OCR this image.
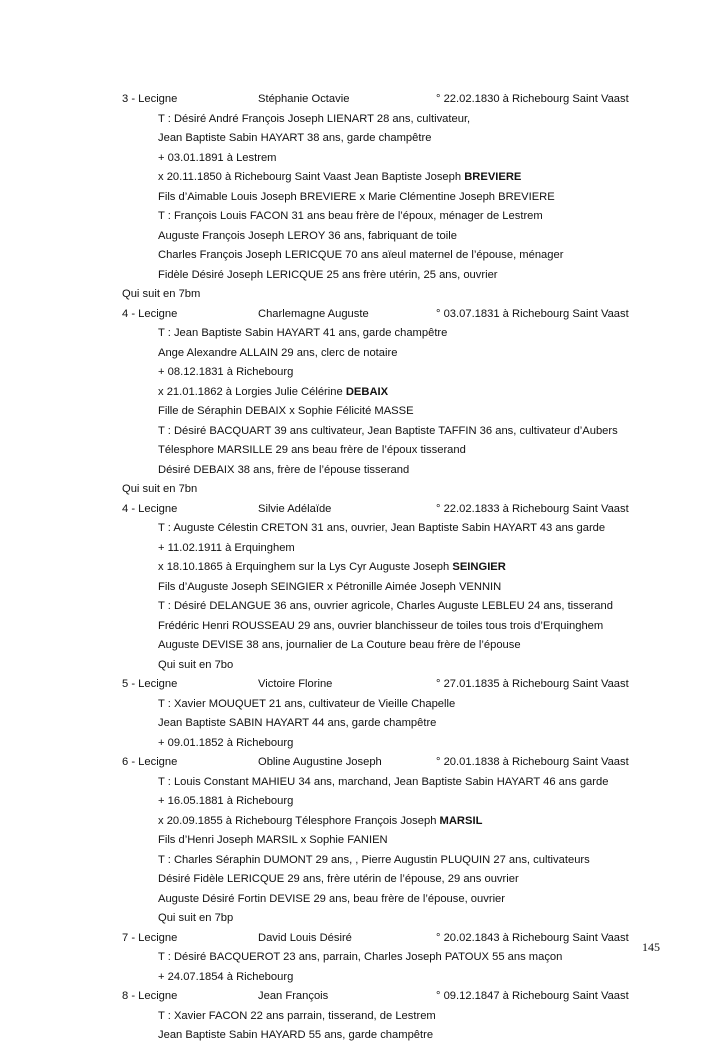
3 - Lecigne	Stéphanie Octavie	° 22.02.1830 à Richebourg Saint Vaast
T : Désiré André François Joseph LIENART 28 ans, cultivateur,
Jean Baptiste Sabin HAYART 38 ans, garde champêtre
+ 03.01.1891 à Lestrem
x 20.11.1850 à Richebourg Saint Vaast Jean Baptiste Joseph BREVIERE
Fils d’Aimable Louis Joseph BREVIERE x Marie Clémentine Joseph BREVIERE
T : François Louis FACON 31 ans beau frère de l’époux, ménager de Lestrem
Auguste François Joseph LEROY 36 ans, fabriquant de toile
Charles François Joseph LERICQUE 70 ans aïeul maternel de l’épouse, ménager
Fidèle Désiré Joseph LERICQUE 25 ans frère utérin, 25 ans, ouvrier
Qui suit en 7bm
4 - Lecigne	Charlemagne Auguste	° 03.07.1831 à Richebourg Saint Vaast
T : Jean Baptiste Sabin HAYART 41 ans, garde champêtre
Ange Alexandre ALLAIN 29 ans, clerc de notaire
+ 08.12.1831 à Richebourg
x 21.01.1862 à Lorgies Julie Célérine DEBAIX
Fille de Séraphin DEBAIX x Sophie Félicité MASSE
T : Désiré BACQUART 39 ans cultivateur, Jean Baptiste TAFFIN 36 ans, cultivateur d’Aubers
Télesphore MARSILLE 29 ans beau frère de l’époux tisserand
Désiré DEBAIX 38 ans, frère de l’épouse tisserand
Qui suit en 7bn
4 - Lecigne	Silvie Adélaïde	° 22.02.1833 à Richebourg Saint Vaast
T : Auguste Célestin CRETON 31 ans, ouvrier, Jean Baptiste Sabin HAYART 43 ans garde
+ 11.02.1911 à Erquinghem
x 18.10.1865 à Erquinghem sur la Lys Cyr Auguste Joseph SEINGIER
Fils d’Auguste Joseph SEINGIER x Pétronille Aimée Joseph VENNIN
T : Désiré DELANGUE 36 ans, ouvrier agricole, Charles Auguste LEBLEU 24 ans, tisserand
Frédéric Henri ROUSSEAU 29 ans, ouvrier blanchisseur de toiles tous trois d’Erquinghem
Auguste DEVISE 38 ans, journalier de La Couture beau frère de l’épouse
Qui suit en 7bo
5 - Lecigne	Victoire Florine	° 27.01.1835 à Richebourg Saint Vaast
T : Xavier MOUQUET 21 ans, cultivateur de Vieille Chapelle
Jean Baptiste SABIN HAYART 44 ans, garde champêtre
+ 09.01.1852 à Richebourg
6 - Lecigne	Obline Augustine Joseph	° 20.01.1838 à Richebourg Saint Vaast
T : Louis Constant MAHIEU 34 ans, marchand, Jean Baptiste Sabin HAYART 46 ans garde
+ 16.05.1881 à Richebourg
x 20.09.1855 à Richebourg Télesphore François Joseph MARSIL
Fils d’Henri Joseph MARSIL x Sophie FANIEN
T : Charles Séraphin DUMONT 29 ans, , Pierre Augustin PLUQUIN 27 ans, cultivateurs
Désiré Fidèle LERICQUE 29 ans, frère utérin de l’épouse, 29 ans ouvrier
Auguste Désiré Fortin DEVISE 29 ans, beau frère de l’épouse, ouvrier
Qui suit en 7bp
7 - Lecigne	David Louis Désiré	° 20.02.1843 à Richebourg Saint Vaast
T : Désiré BACQUEROT 23 ans, parrain, Charles Joseph PATOUX 55 ans maçon
+ 24.07.1854 à Richebourg
8 - Lecigne	Jean François	° 09.12.1847 à Richebourg Saint Vaast
T : Xavier FACON 22 ans parrain, tisserand, de Lestrem
Jean Baptiste Sabin HAYARD 55 ans, garde champêtre
145
